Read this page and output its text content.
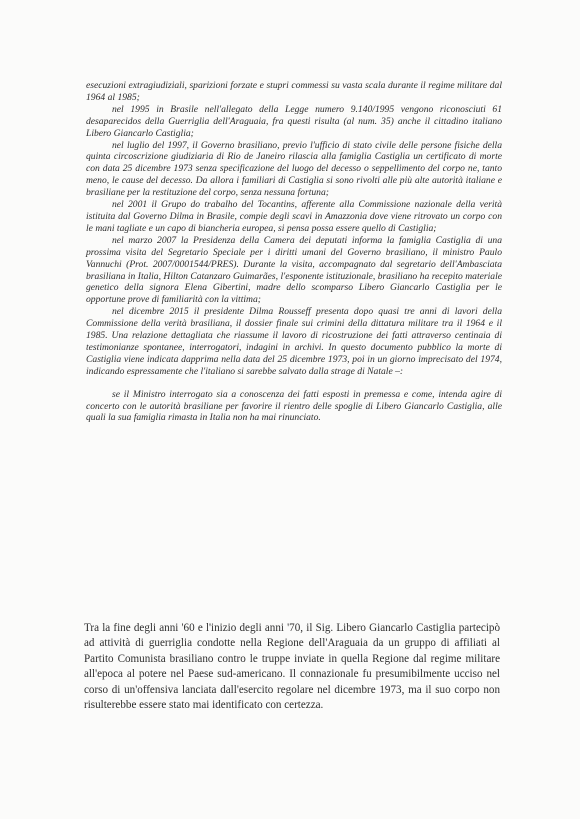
esecuzioni extragiudiziali, sparizioni forzate e stupri commessi su vasta scala durante il regime militare dal 1964 al 1985;

nel 1995 in Brasile nell'allegato della Legge numero 9.140/1995 vengono riconosciuti 61 desaparecidos della Guerriglia dell'Araguaia, fra questi risulta (al num. 35) anche il cittadino italiano Libero Giancarlo Castiglia;

nel luglio del 1997, il Governo brasiliano, previo l'ufficio di stato civile delle persone fisiche della quinta circoscrizione giudiziaria di Rio de Janeiro rilascia alla famiglia Castiglia un certificato di morte con data 25 dicembre 1973 senza specificazione del luogo del decesso o seppellimento del corpo ne, tanto meno, le cause del decesso. Da allora i familiari di Castiglia si sono rivolti alle più alte autorità italiane e brasiliane per la restituzione del corpo, senza nessuna fortuna;

nel 2001 il Grupo do trabalho del Tocantins, afferente alla Commissione nazionale della verità istituita dal Governo Dilma in Brasile, compie degli scavi in Amazzonia dove viene ritrovato un corpo con le mani tagliate e un capo di biancheria europea, si pensa possa essere quello di Castiglia;

nel marzo 2007 la Presidenza della Camera dei deputati informa la famiglia Castiglia di una prossima visita del Segretario Speciale per i diritti umani del Governo brasiliano, il ministro Paulo Vannuchi (Prot. 2007/0001544/PRES). Durante la visita, accompagnato dal segretario dell'Ambasciata brasiliana in Italia, Hilton Catanzaro Guimarães, l'esponente istituzionale, brasiliano ha recepito materiale genetico della signora Elena Gibertini, madre dello scomparso Libero Giancarlo Castiglia per le opportune prove di familiarità con la vittima;

nel dicembre 2015 il presidente Dilma Rousseff presenta dopo quasi tre anni di lavori della Commissione della verità brasiliana, il dossier finale sui crimini della dittatura militare tra il 1964 e il 1985. Una relazione dettagliata che riassume il lavoro di ricostruzione dei fatti attraverso centinaia di testimonianze spontanee, interrogatori, indagini in archivi. In questo documento pubblico la morte di Castiglia viene indicata dapprima nella data del 25 dicembre 1973, poi in un giorno imprecisato del 1974, indicando espressamente che l'italiano si sarebbe salvato dalla strage di Natale –:

se il Ministro interrogato sia a conoscenza dei fatti esposti in premessa e come, intenda agire di concerto con le autorità brasiliane per favorire il rientro delle spoglie di Libero Giancarlo Castiglia, alle quali la sua famiglia rimasta in Italia non ha mai rinunciato.

Tra la fine degli anni '60 e l'inizio degli anni '70, il Sig. Libero Giancarlo Castiglia partecipò ad attività di guerriglia condotte nella Regione dell'Araguaia da un gruppo di affiliati al Partito Comunista brasiliano contro le truppe inviate in quella Regione dal regime militare all'epoca al potere nel Paese sud-americano. Il connazionale fu presumibilmente ucciso nel corso di un'offensiva lanciata dall'esercito regolare nel dicembre 1973, ma il suo corpo non risulterebbe essere stato mai identificato con certezza.
